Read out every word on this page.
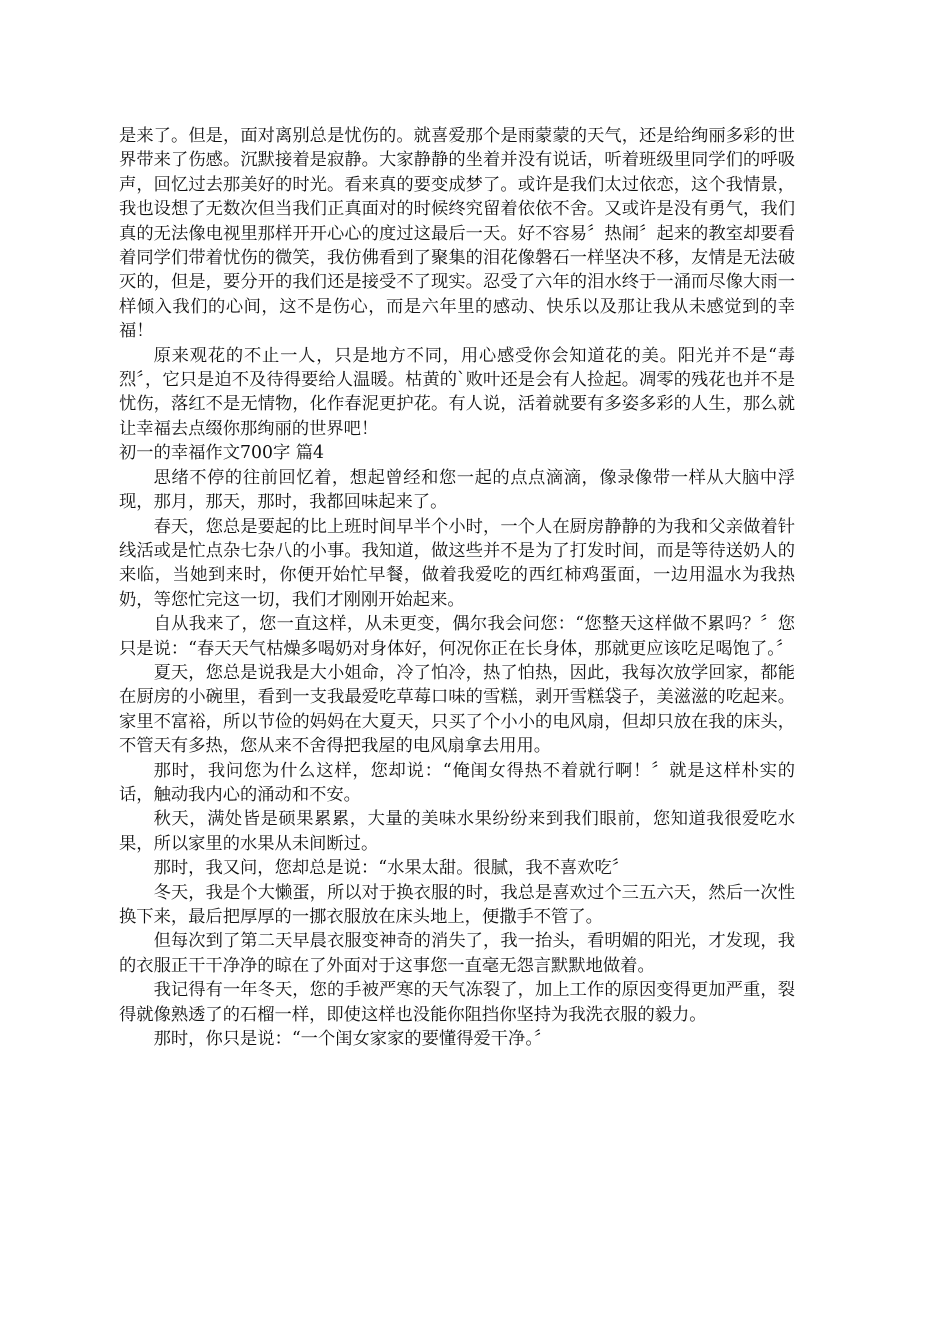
是来了。但是，面对离别总是忧伤的。就喜爱那个是雨蒙蒙的天气，还是给绚丽多彩的世界带来了伤感。沉默接着是寂静。大家静静的坐着并没有说话，听着班级里同学们的呼吸声，回忆过去那美好的时光。看来真的要变成梦了。或许是我们太过依恋，这个我情景，我也设想了无数次但当我们正真面对的时候终究留着依依不舍。又或许是没有勇气，我们真的无法像电视里那样开开心心的度过这最后一天。好不容易〞热闹〞起来的教室却要看着同学们带着忧伤的微笑，我仿佛看到了聚集的泪花像磐石一样坚决不移，友情是无法破灭的，但是，要分开的我们还是接受不了现实。忍受了六年的泪水终于一涌而尽像大雨一样倾入我们的心间，这不是伤心，而是六年里的感动、快乐以及那让我从未感觉到的幸福！

原来观花的不止一人，只是地方不同，用心感受你会知道花的美。阳光并不是“毒烈〞，它只是迫不及待得要给人温暖。枯黄的`败叶还是会有人捡起。凋零的残花也并不是忧伤，落红不是无情物，化作春泥更护花。有人说，活着就要有多姿多彩的人生，那么就让幸福去点缀你那绚丽的世界吧！

初一的幸福作文700字 篇4

思绪不停的往前回忆着，想起曾经和您一起的点点滴滴，像录像带一样从大脑中浮现，那月，那天，那时，我都回味起来了。

春天，您总是要起的比上班时间早半个小时，一个人在厨房静静的为我和父亲做着针线活或是忙点杂七杂八的小事。我知道，做这些并不是为了打发时间，而是等待送奶人的来临，当她到来时，你便开始忙早餐，做着我爱吃的西红柿鸡蛋面，一边用温水为我热奶，等您忙完这一切，我们才刚刚开始起来。

自从我来了，您一直这样，从未更变，偶尔我会问您：“您整天这样做不累吗？〞您只是说：“春天天气枯燥多喝奶对身体好，何况你正在长身体，那就更应该吃足喝饱了。〞

夏天，您总是说我是大小姐命，冷了怕冷，热了怕热，因此，我每次放学回家，都能在厨房的小碗里，看到一支我最爱吃草莓口味的雪糕，剥开雪糕袋子，美滋滋的吃起来。家里不富裕，所以节俭的妈妈在大夏天，只买了个小小的电风扇，但却只放在我的床头，不管天有多热，您从来不舍得把我屋的电风扇拿去用用。

那时，我问您为什么这样，您却说：“俺闺女得热不着就行啊！〞就是这样朴实的话，触动我内心的涌动和不安。

秋天，满处皆是硕果累累，大量的美味水果纷纷来到我们眼前，您知道我很爱吃水果，所以家里的水果从未间断过。

那时，我又问，您却总是说：“水果太甜。很腻，我不喜欢吃〞

冬天，我是个大懒蛋，所以对于换衣服的时，我总是喜欢过个三五六天，然后一次性换下来，最后把厚厚的一挪衣服放在床头地上，便撒手不管了。

但每次到了第二天早晨衣服变神奇的消失了，我一抬头，看明媚的阳光，才发现，我的衣服正干干净净的晾在了外面对于这事您一直毫无怨言默默地做着。

我记得有一年冬天，您的手被严寒的天气冻裂了，加上工作的原因变得更加严重，裂得就像熟透了的石榴一样，即使这样也没能你阻挡你坚持为我洗衣服的毅力。

那时，你只是说：“一个闺女家家的要懂得爱干净。〞
